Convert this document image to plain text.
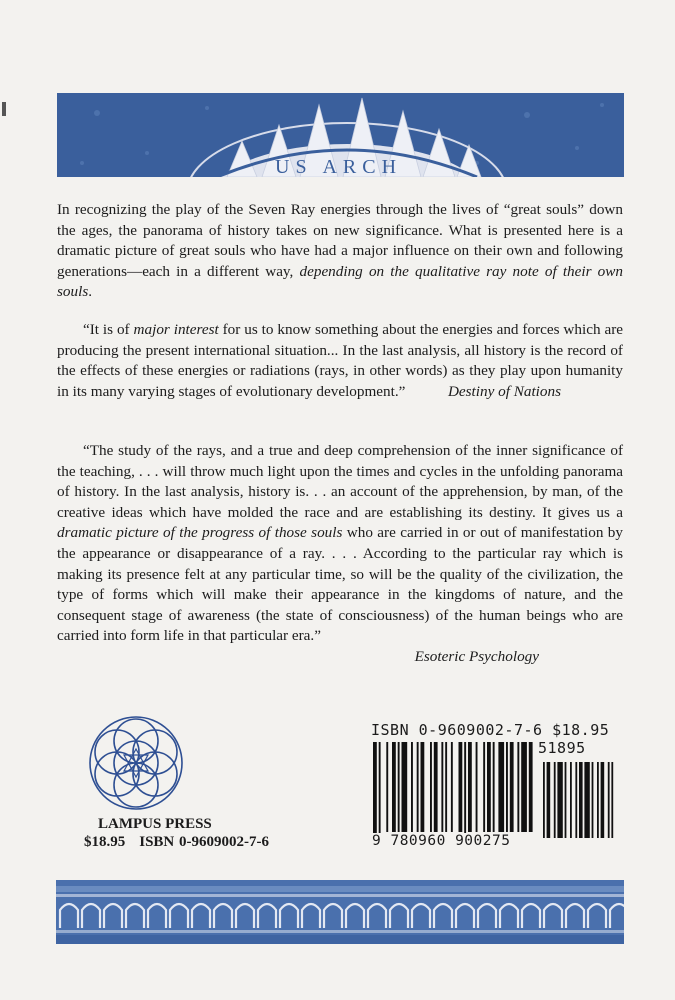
US ARCH
In recognizing the play of the Seven Ray energies through the lives of “great souls” down the ages, the panorama of history takes on new significance. What is presented here is a dramatic picture of great souls who have had a major influence on their own and following generations—each in a different way, depending on the qualitative ray note of their own souls.
“It is of major interest for us to know something about the energies and forces which are producing the present international situation... In the last analysis, all history is the record of the effects of these energies or radiations (rays, in other words) as they play upon humanity in its many varying stages of evolutionary development.”	Destiny of Nations
“The study of the rays, and a true and deep comprehension of the inner significance of the teaching, . . . will throw much light upon the times and cycles in the unfolding panorama of history. In the last analysis, history is. . . an account of the apprehension, by man, of the creative ideas which have molded the race and are establishing its destiny. It gives us a dramatic picture of the progress of those souls who are carried in or out of manifestation by the appearance or disappearance of a ray. . . . According to the particular ray which is making its presence felt at any particular time, so will be the quality of the civilization, the type of forms which will make their appearance in the kingdoms of nature, and the consequent stage of awareness (the state of consciousness) of the human beings who are carried into form life in that particular era.”
Esoteric Psychology
LAMPUS PRESS
$18.95 ISBN 0-9609002-7-6
ISBN 0-9609002-7-6 $18.95
51895
9 780960 900275
